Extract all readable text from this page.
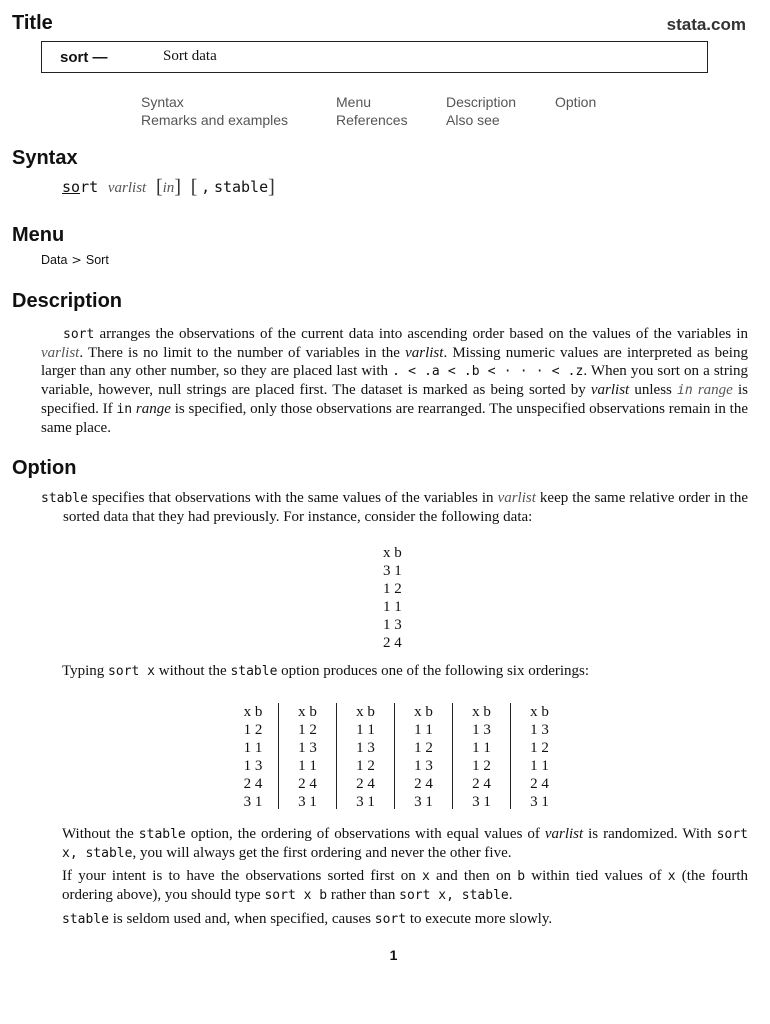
Title	stata.com
sort —	Sort data
Syntax	Menu	Description	Option
Remarks and examples	References	Also see
Syntax
sort varlist [in] [ , stable]
Menu
Data > Sort
Description
sort arranges the observations of the current data into ascending order based on the values of the variables in varlist. There is no limit to the number of variables in the varlist. Missing numeric values are interpreted as being larger than any other number, so they are placed last with . < .a < .b < · · · < .z. When you sort on a string variable, however, null strings are placed first. The dataset is marked as being sorted by varlist unless in range is specified. If in range is specified, only those observations are rearranged. The unspecified observations remain in the same place.
Option
stable specifies that observations with the same values of the variables in varlist keep the same relative order in the sorted data that they had previously. For instance, consider the following data:
x b
3 1
1 2
1 1
1 3
2 4
Typing sort x without the stable option produces one of the following six orderings:
x b
1 2
1 1
1 3
2 4
3 1
x b
1 2
1 3
1 1
2 4
3 1
x b
1 1
1 3
1 2
2 4
3 1
x b
1 1
1 2
1 3
2 4
3 1
x b
1 3
1 1
1 2
2 4
3 1
x b
1 3
1 2
1 1
2 4
3 1
Without the stable option, the ordering of observations with equal values of varlist is randomized. With sort x, stable, you will always get the first ordering and never the other five.
If your intent is to have the observations sorted first on x and then on b within tied values of x (the fourth ordering above), you should type sort x b rather than sort x, stable.
stable is seldom used and, when specified, causes sort to execute more slowly.
1
